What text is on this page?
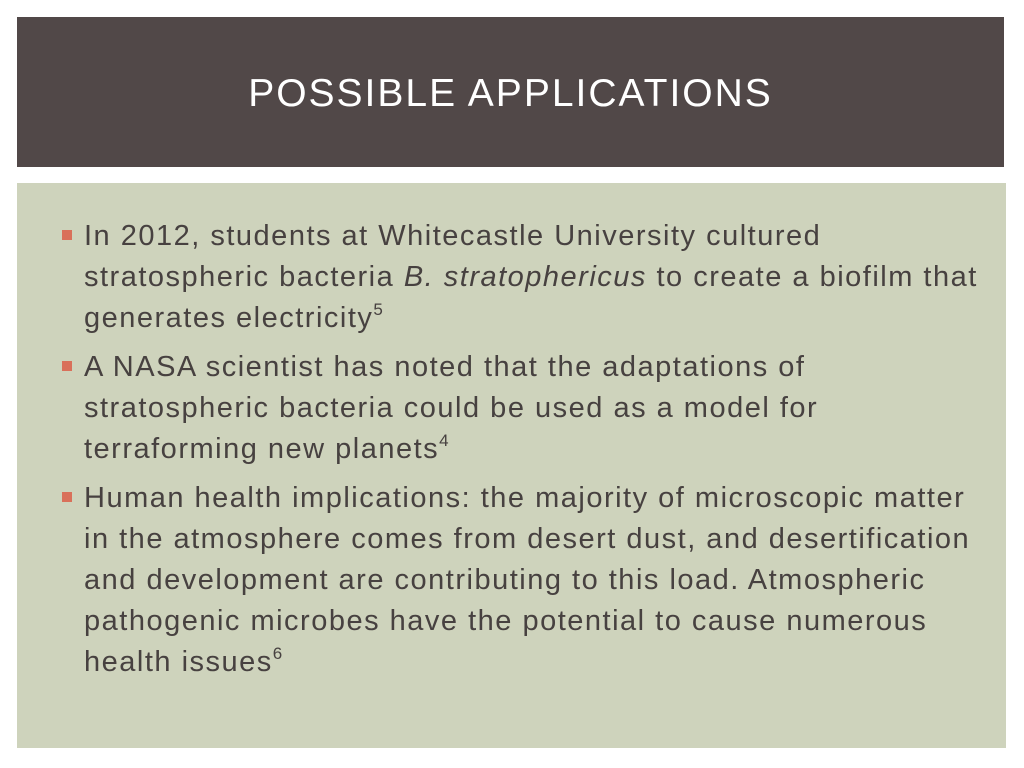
POSSIBLE APPLICATIONS
In 2012, students at Whitecastle University cultured stratospheric bacteria B. stratophericus to create a biofilm that generates electricity$^5$
A NASA scientist has noted that the adaptations of stratospheric bacteria could be used as a model for terraforming new planets$^4$
Human health implications: the majority of microscopic matter in the atmosphere comes from desert dust, and desertification and development are contributing to this load. Atmospheric pathogenic microbes have the potential to cause numerous health issues$^6$
